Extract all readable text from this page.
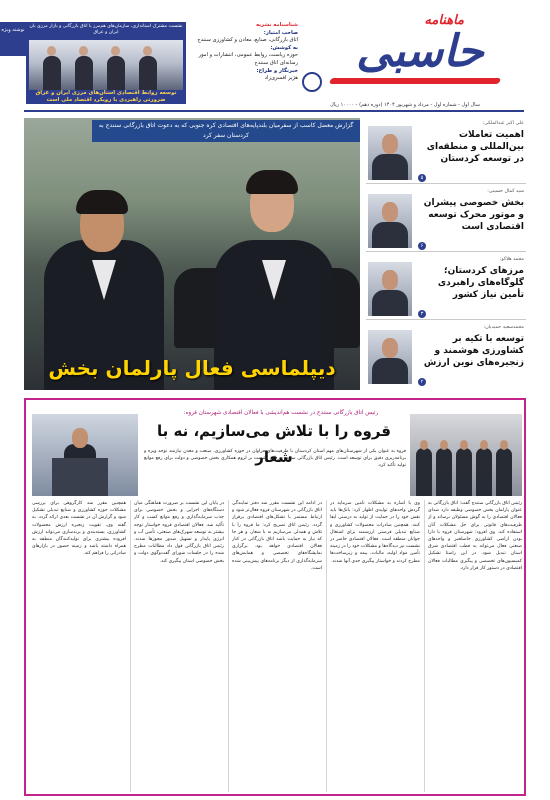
نوشته ویژه
نشست مشترک استانداری، سازمان‌های هم‌مرز با اتاق بازرگانی و بازار مرزی بان ایران و عراق
توسعه روابط اقتصادی استان‌های مرزی ایران و عراق ضرورتی راهبردی با رویکرد اقتصاد ملی است
شناسنامه نشریه
صاحب امتیاز:
اتاق بازرگانی، صنایع، معادن و کشاورزی سنندج
به کوشش:
حوزه ریاست، روابط عمومی، انتشارات و امور رسانه‌ای اتاق سنندج
خبرنگار و طراح:
هژیر افسری‌زاد
ماهنامه
حاسبی
سال اول - شماره اول - مرداد و شهریور ۱۴۰۴ (دوره دهم) - ۱۰۰۰۰ ریال
گزارش معضل کاسب از سفرمیان بلندپایه‌های اقتصادی کره جنوبی که به دعوت اتاق بازرگانی سنندج به کردستان سفر کرد
دیپلماسی فعال پارلمان بخش
علی اکبر عبدالملکی:
اهمیت تعاملات بین‌المللی و منطقه‌ای در توسعه کردستان
۵
سید کمال حسینی:
بخش خصوصی پیشران و موتور محرک توسعه اقتصادی است
۶
محمد هلاکو:
مرزهای کردستان؛ گلوگاه‌های راهبردی تأمین نیاز کشور
۳
محمدسعید حمیدیان:
توسعه با تکیه بر کشاورزی هوشمند و زنجیره‌های نوین ارزش
۲
رئیس اتاق بازرگانی سنندج در نشست هم‌اندیشی با فعالان اقتصادی شهرستان قروه:
قروه را با تلاش می‌سازیم، نه با شعار
قروه به عنوان یکی از شهرستان‌های مهم استان کردستان با ظرفیت‌های فراوان در حوزه کشاورزی، صنعت و معدن نیازمند توجه ویژه و برنامه‌ریزی دقیق برای توسعه است. رئیس اتاق بازرگانی سنندج در این نشست بر لزوم همکاری بخش خصوصی و دولت برای رفع موانع تولید تأکید کرد.
رئیس اتاق بازرگانی سنندج گفت: اتاق بازرگانی به عنوان پارلمان بخش خصوصی وظیفه دارد صدای فعالان اقتصادی را به گوش مسئولان برساند و از ظرفیت‌های قانونی برای حل مشکلات آنان استفاده کند. وی افزود: شهرستان قروه با دارا بودن اراضی کشاورزی حاصلخیز و واحدهای صنعتی فعال می‌تواند به قطب اقتصادی شرق استان تبدیل شود. در این راستا تشکیل کمیسیون‌های تخصصی و پیگیری مطالبات فعالان اقتصادی در دستور کار قرار دارد.
وی با اشاره به مشکلات تأمین سرمایه در گردش واحدهای تولیدی اظهار کرد: بانک‌ها باید نقش خود را در حمایت از تولید به درستی ایفا کنند. همچنین صادرات محصولات کشاورزی و صنایع تبدیلی فرصتی ارزشمند برای اشتغال جوانان منطقه است. فعالان اقتصادی حاضر در نشست نیز دیدگاه‌ها و مشکلات خود را در زمینه تأمین مواد اولیه، مالیات، بیمه و زیرساخت‌ها مطرح کردند و خواستار پیگیری جدی آنها شدند.
در ادامه این نشست مقرر شد دفتر نمایندگی اتاق بازرگانی در شهرستان قروه فعال‌تر شود و ارتباط مستمر با تشکل‌های اقتصادی برقرار گردد. رئیس اتاق تصریح کرد: ما قروه را با تلاش و همدلی می‌سازیم نه با شعار، و هر جا که نیاز به حمایت باشد اتاق بازرگانی در کنار فعالان اقتصادی خواهد بود. برگزاری نمایشگاه‌های تخصصی و همایش‌های سرمایه‌گذاری از دیگر برنامه‌های پیش‌بینی شده است.
در پایان این نشست بر ضرورت هماهنگی میان دستگاه‌های اجرایی و بخش خصوصی برای جذب سرمایه‌گذاری و رفع موانع کسب و کار تأکید شد. فعالان اقتصادی قروه خواستار توجه بیشتر به توسعه شهرک‌های صنعتی، تأمین آب و انرژی پایدار و تسهیل صدور مجوزها شدند. رئیس اتاق بازرگانی قول داد مطالبات مطرح شده را در جلسات شورای گفت‌وگوی دولت و بخش خصوصی استان پیگیری کند.
همچنین مقرر شد کارگروهی برای بررسی مشکلات حوزه کشاورزی و صنایع تبدیلی تشکیل شود و گزارش آن در نشست بعدی ارائه گردد. به گفته وی، تقویت زنجیره ارزش محصولات کشاورزی، بسته‌بندی و برندسازی می‌تواند ارزش افزوده بیشتری برای تولیدکنندگان منطقه به همراه داشته باشد و زمینه حضور در بازارهای صادراتی را فراهم کند.
